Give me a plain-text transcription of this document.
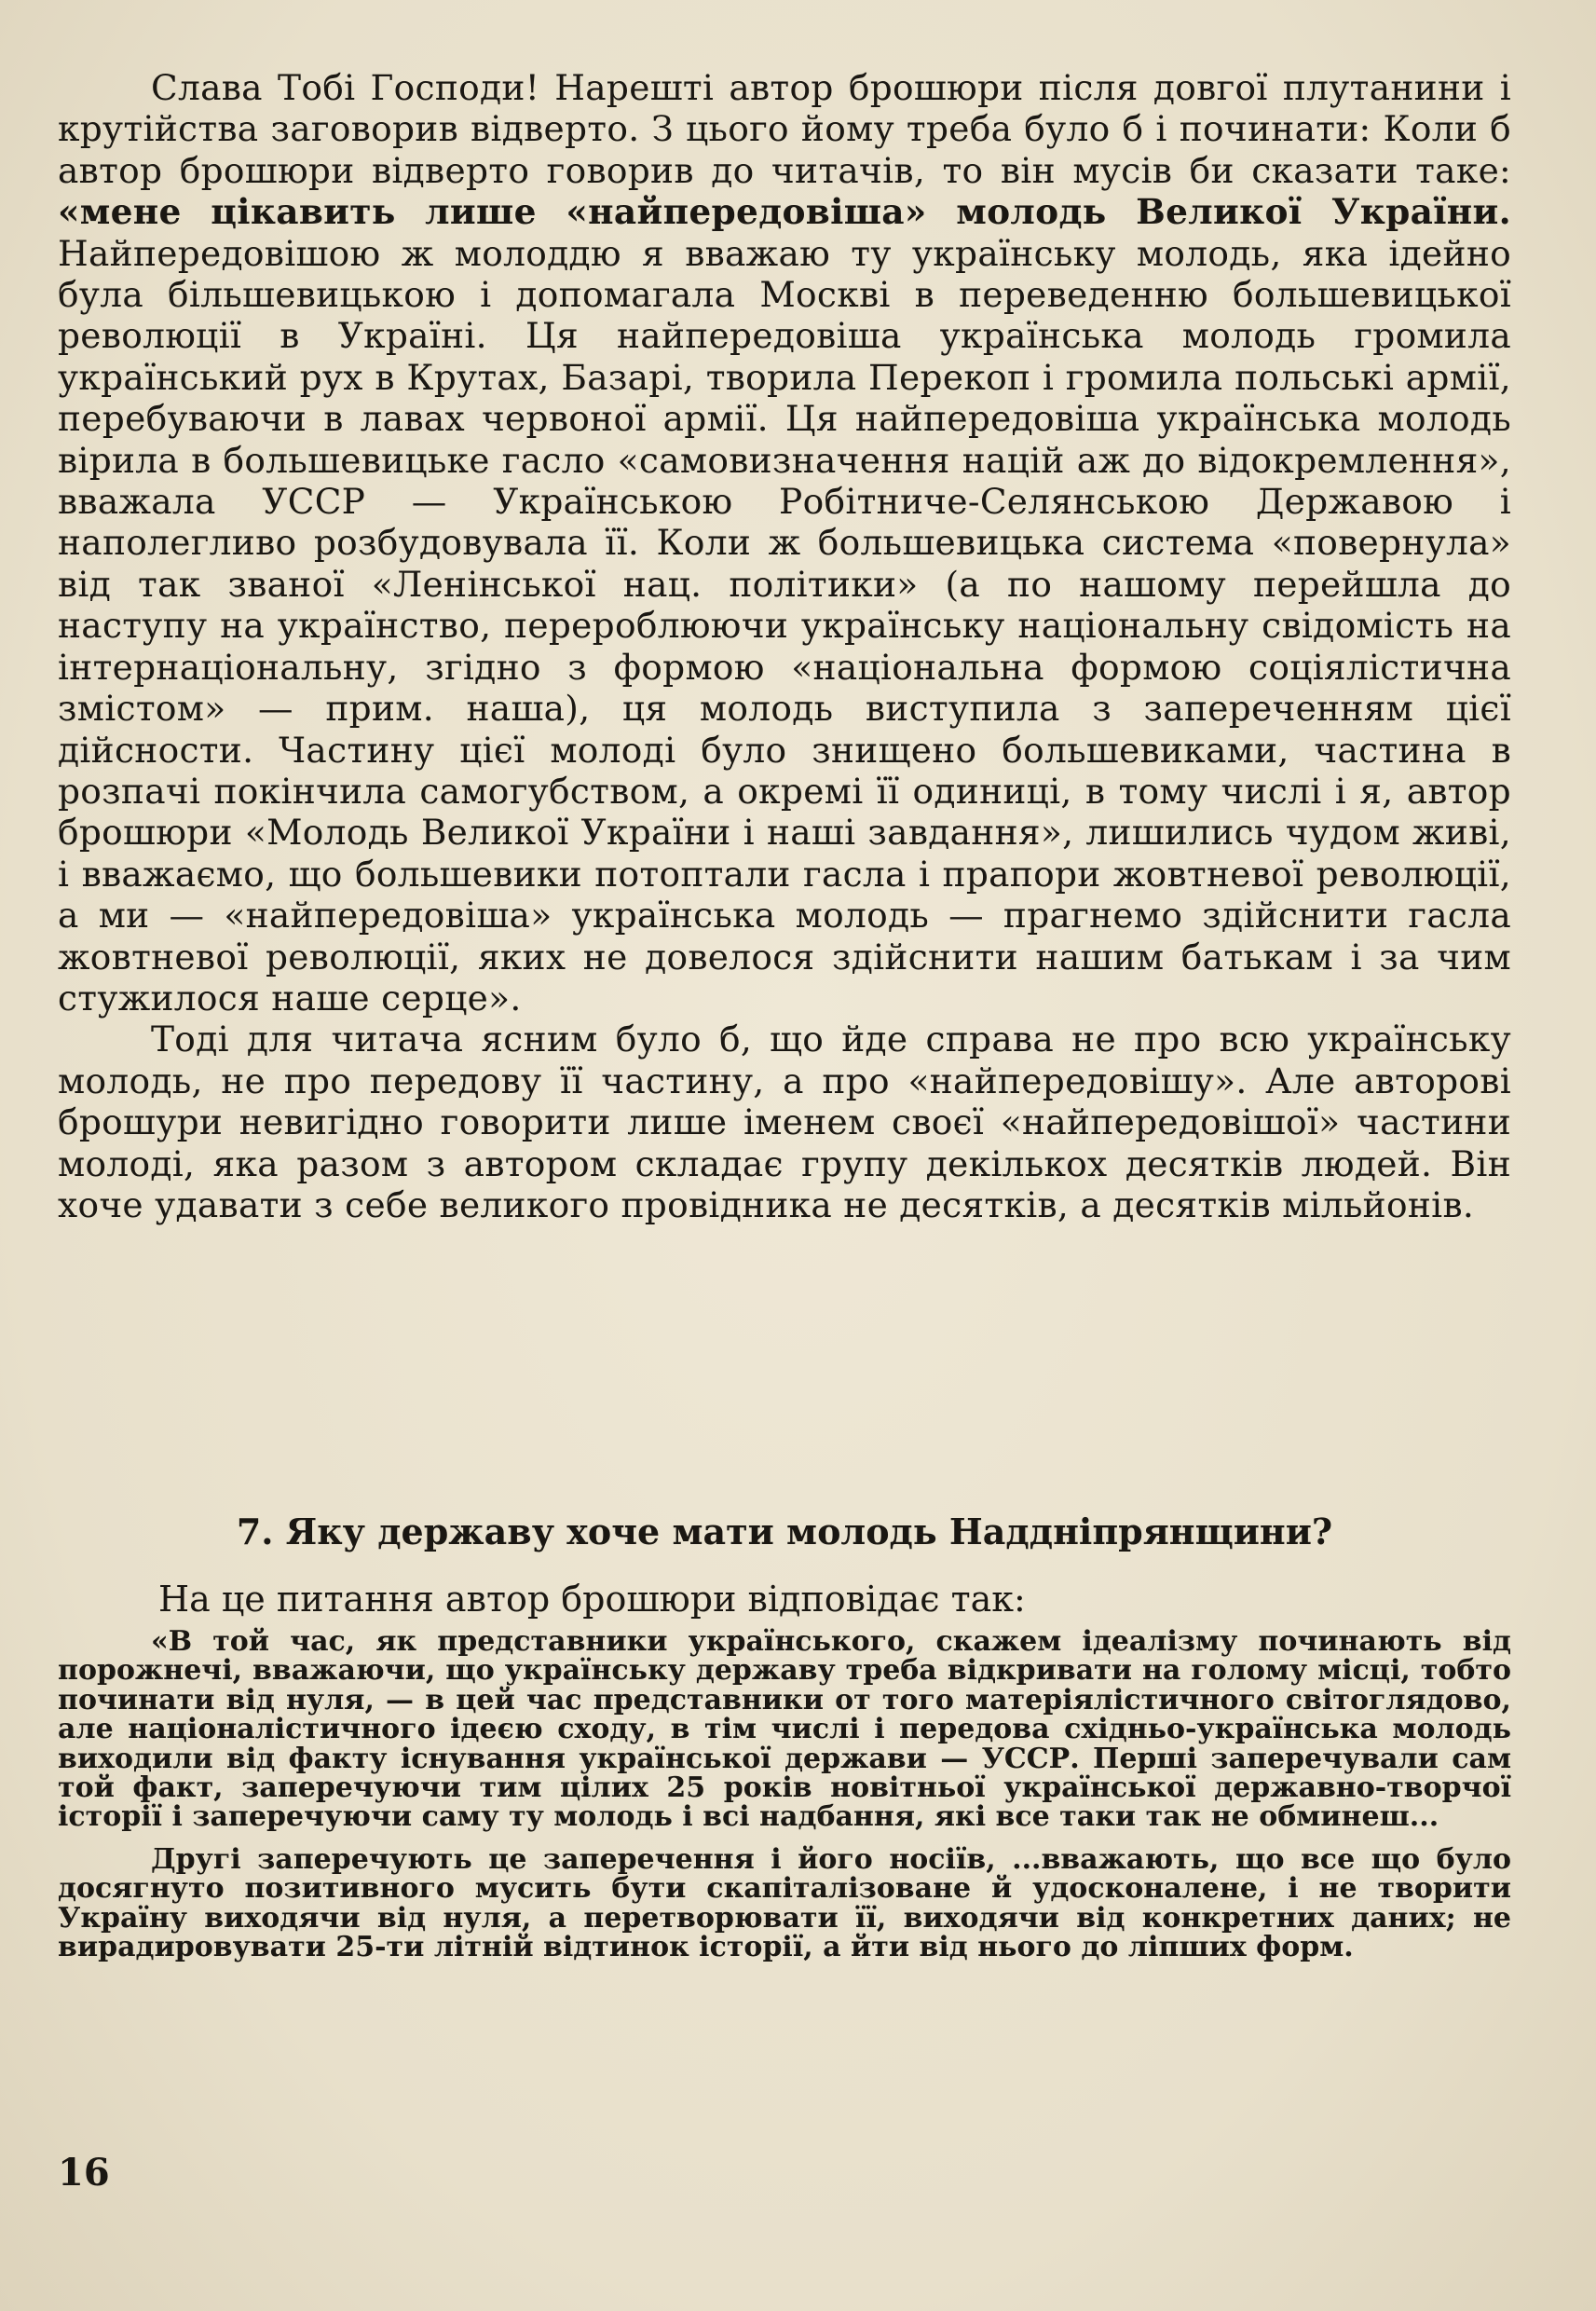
Слава Тобі Господи! Нарешті автор брошюри після довгої плутанини і крутійства заговорив відверто. З цього йому треба було б і починати: Коли б автор брошюри відверто говорив до читачів, то він мусів би сказати таке: «мене цікавить лише «найпередовіша» молодь Великої України. Найпередовішою ж молоддю я вважаю ту українську молодь, яка ідейно була більшевицькою і допомагала Москві в переведенню большевицької революції в Україні. Ця найпередовіша українська молодь громила український рух в Крутах, Базарі, творила Перекоп і громила польські армії, перебуваючи в лавах червоної армії. Ця найпередовіша українська молодь вірила в большевицьке гасло «самовизначення націй аж до відокремлення», вважала УССР — Українською Робітниче-Селянською Державою і наполегливо розбудовувала її. Коли ж большевицька система «повернула» від так званої «Ленінської нац. політики» (а по нашому перейшла до наступу на українство, перероблюючи українську національну свідомість на інтернаціональну, згідно з формою «національна формою соціялістична змістом» — прим. наша), ця молодь виступила з запереченням цієї дійсности. Частину цієї молоді було знищено большевиками, частина в розпачі покінчила самогубством, а окремі її одиниці, в тому числі і я, автор брошюри «Молодь Великої України і наші завдання», лишились чудом живі, і вважаємо, що большевики потоптали гасла і прапори жовтневої революції, а ми — «найпередовіша» українська молодь — прагнемо здійснити гасла жовтневої революції, яких не довелося здійснити нашим батькам і за чим стужилося наше серце».

Тоді для читача ясним було б, що йде справа не про всю українську молодь, не про передову її частину, а про «найпередовішу». Але авторові брошури невигідно говорити лише іменем своєї «найпередовішої» частини молоді, яка разом з автором складає групу декількох десятків людей. Він хоче удавати з себе великого провідника не десятків, а десятків мільйонів.

7. Яку державу хоче мати молодь Наддніпрянщини?

На це питання автор брошюри відповідає так:

«В той час, як представники українського, скажем ідеалізму починають від порожнечі, вважаючи, що українську державу треба відкривати на голому місці, тобто починати від нуля, — в цей час представники от того матеріялістичного світоглядово, але націоналістичного ідеєю сходу, в тім числі і передова східньо-українська молодь виходили від факту існування української держави — УССР. Перші заперечували сам той факт, заперечуючи тим цілих 25 років новітньої української державно-творчої історії і заперечуючи саму ту молодь і всі надбання, які все таки так не обминеш...

Другі заперечують це заперечення і його носіїв, ...вважають, що все що було досягнуто позитивного мусить бути скапіталізоване й удосконалене, і не творити Україну виходячи від нуля, а перетворювати її, виходячи від конкретних даних; не вирадировувати 25-ти літній відтинок історії, а йти від нього до ліпших форм.

16
